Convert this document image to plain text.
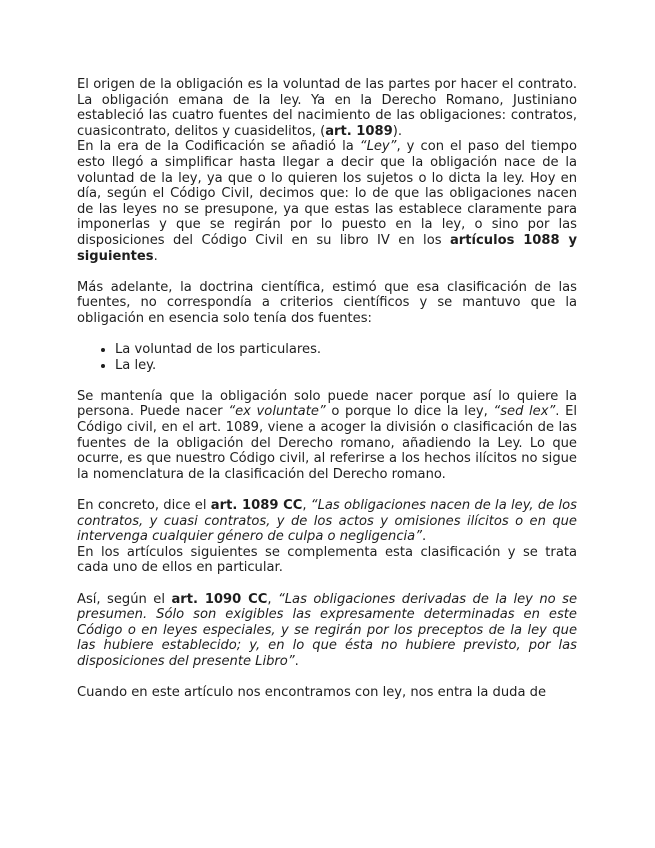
El origen de la obligación es la voluntad de las partes por hacer el contrato. La obligación emana de la ley. Ya en la Derecho Romano, Justiniano estableció las cuatro fuentes del nacimiento de las obligaciones: contratos, cuasicontrato, delitos y cuasidelitos, (art. 1089).

En la era de la Codificación se añadió la “Ley”, y con el paso del tiempo esto llegó a simplificar hasta llegar a decir que la obligación nace de la voluntad de la ley, ya que o lo quieren los sujetos o lo dicta la ley. Hoy en día, según el Código Civil, decimos que: lo de que las obligaciones nacen de las leyes no se presupone, ya que estas las establece claramente para imponerlas y que se regirán por lo puesto en la ley, o sino por las disposiciones del Código Civil en su libro IV en los artículos 1088 y siguientes.

Más adelante, la doctrina científica, estimó que esa clasificación de las fuentes, no correspondía a criterios científicos y se mantuvo que la obligación en esencia solo tenía dos fuentes:

• La voluntad de los particulares.
• La ley.

Se mantenía que la obligación solo puede nacer porque así lo quiere la persona. Puede nacer “ex voluntate” o porque lo dice la ley, “sed lex”. El Código civil, en el art. 1089, viene a acoger la división o clasificación de las fuentes de la obligación del Derecho romano, añadiendo la Ley. Lo que ocurre, es que nuestro Código civil, al referirse a los hechos ilícitos no sigue la nomenclatura de la clasificación del Derecho romano.

En concreto, dice el art. 1089 CC, “Las obligaciones nacen de la ley, de los contratos, y cuasi contratos, y de los actos y omisiones ilícitos o en que intervenga cualquier género de culpa o negligencia”.

En los artículos siguientes se complementa esta clasificación y se trata cada uno de ellos en particular.

Así, según el art. 1090 CC, “Las obligaciones derivadas de la ley no se presumen. Sólo son exigibles las expresamente determinadas en este Código o en leyes especiales, y se regirán por los preceptos de la ley que las hubiere establecido; y, en lo que ésta no hubiere previsto, por las disposiciones del presente Libro”.

Cuando en este artículo nos encontramos con ley, nos entra la duda de
